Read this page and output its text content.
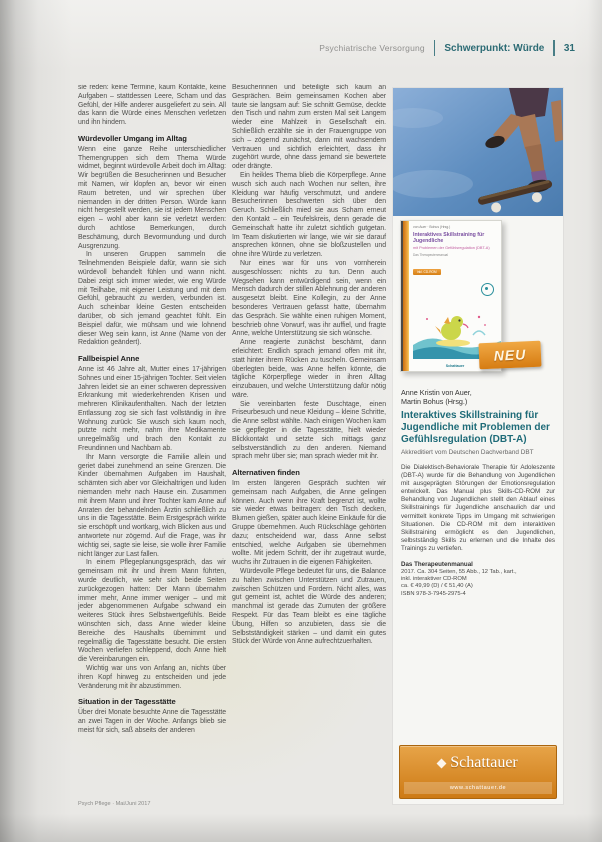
Psychiatrische Versorgung Schwerpunkt: Würde 31

sie reden: keine Termine, kaum Kontakte, keine Aufgaben – stattdessen Leere, Scham und das Gefühl, der Hilfe anderer ausgeliefert zu sein. All das kann die Würde eines Menschen verletzen und ihn hindern.

Würdevoller Umgang im Alltag

Wenn eine ganze Reihe unterschiedlicher Themengruppen sich dem Thema Würde widmet, beginnt würdevolle Arbeit doch im Alltag: Wir begrüßen die Besucherinnen und Besucher mit Namen, wir klopfen an, bevor wir einen Raum betreten, und wir sprechen über niemanden in der dritten Person. Würde kann nicht hergestellt werden, sie ist jedem Menschen eigen – wohl aber kann sie verletzt werden: durch achtlose Bemerkungen, durch Beschämung, durch Bevormundung und durch Ausgrenzung.

In unseren Gruppen sammeln die Teilnehmenden Beispiele dafür, wann sie sich würdevoll behandelt fühlen und wann nicht. Dabei zeigt sich immer wieder, wie eng Würde mit Teilhabe, mit eigener Leistung und mit dem Gefühl, gebraucht zu werden, verbunden ist. Auch scheinbar kleine Gesten entscheiden darüber, ob sich jemand geachtet fühlt. Ein Beispiel dafür, wie mühsam und wie lohnend dieser Weg sein kann, ist Anne (Name von der Redaktion geändert).

Fallbeispiel Anne

Anne ist 46 Jahre alt, Mutter eines 17-jährigen Sohnes und einer 15-jährigen Tochter. Seit vielen Jahren leidet sie an einer schweren depressiven Erkrankung mit wiederkehrenden Krisen und mehreren Klinikaufenthalten. Nach der letzten Entlassung zog sie sich fast vollständig in ihre Wohnung zurück: Sie wusch sich kaum noch, putzte nicht mehr, nahm ihre Medikamente unregelmäßig und brach den Kontakt zu Freundinnen und Nachbarn ab.

Ihr Mann versorgte die Familie allein und geriet dabei zunehmend an seine Grenzen. Die Kinder übernahmen Aufgaben im Haushalt, schämten sich aber vor Gleichaltrigen und luden niemanden mehr nach Hause ein. Zusammen mit ihrem Mann und ihrer Tochter kam Anne auf Anraten der behandelnden Ärztin schließlich zu uns in die Tagesstätte. Beim Erstgespräch wirkte sie erschöpft und wortkarg, wich Blicken aus und antwortete nur zögernd. Auf die Frage, was ihr wichtig sei, sagte sie leise, sie wolle ihrer Familie nicht länger zur Last fallen.

In einem Pflegeplanungsgespräch, das wir gemeinsam mit ihr und ihrem Mann führten, wurde deutlich, wie sehr sich beide Seiten zurückgezogen hatten: Der Mann übernahm immer mehr, Anne immer weniger – und mit jeder abgenommenen Aufgabe schwand ein weiteres Stück ihres Selbstwertgefühls. Beide wünschten sich, dass Anne wieder kleine Bereiche des Haushalts übernimmt und regelmäßig die Tagesstätte besucht. Die ersten Wochen verliefen schleppend, doch Anne hielt die Vereinbarungen ein.

Wichtig war uns von Anfang an, nichts über ihren Kopf hinweg zu entscheiden und jede Veränderung mit ihr abzustimmen.

Situation in der Tagesstätte

Über drei Monate besuchte Anne die Tagesstätte an zwei Tagen in der Woche. Anfangs blieb sie meist für sich, saß abseits der anderen

Besucherinnen und beteiligte sich kaum an Gesprächen. Beim gemeinsamen Kochen aber taute sie langsam auf: Sie schnitt Gemüse, deckte den Tisch und nahm zum ersten Mal seit Langem wieder eine Mahlzeit in Gesellschaft ein. Schließlich erzählte sie in der Frauengruppe von sich – zögernd zunächst, dann mit wachsendem Vertrauen und sichtlich erleichtert, dass ihr zugehört wurde, ohne dass jemand sie bewertete oder drängte.

Ein heikles Thema blieb die Körperpflege. Anne wusch sich auch nach Wochen nur selten, ihre Kleidung war häufig verschmutzt, und andere Besucherinnen beschwerten sich über den Geruch. Schließlich mied sie aus Scham erneut den Kontakt – ein Teufelskreis, denn gerade die Gemeinschaft hatte ihr zuletzt sichtlich gutgetan. Im Team diskutierten wir lange, wie wir sie darauf ansprechen können, ohne sie bloßzustellen und ohne ihre Würde zu verletzen.

Nur eines war für uns von vornherein ausgeschlossen: nichts zu tun. Denn auch Wegsehen kann entwürdigend sein, wenn ein Mensch dadurch der stillen Ablehnung der anderen ausgesetzt bleibt. Eine Kollegin, zu der Anne besonderes Vertrauen gefasst hatte, übernahm das Gespräch. Sie wählte einen ruhigen Moment, beschrieb ohne Vorwurf, was ihr auffiel, und fragte Anne, welche Unterstützung sie sich wünsche.

Anne reagierte zunächst beschämt, dann erleichtert: Endlich sprach jemand offen mit ihr, statt hinter ihrem Rücken zu tuscheln. Gemeinsam überlegten beide, was Anne helfen könnte, die tägliche Körperpflege wieder in ihren Alltag einzubauen, und welche Unterstützung dafür nötig wäre.

Sie vereinbarten feste Duschtage, einen Friseurbesuch und neue Kleidung – kleine Schritte, die Anne selbst wählte. Nach einigen Wochen kam sie gepflegter in die Tagesstätte, hielt wieder Blickkontakt und setzte sich mittags ganz selbstverständlich zu den anderen. Niemand sprach mehr über sie; man sprach wieder mit ihr.

Alternativen finden

Im ersten längeren Gespräch suchten wir gemeinsam nach Aufgaben, die Anne gelingen können. Auch wenn ihre Kraft begrenzt ist, wollte sie wieder etwas beitragen: den Tisch decken, Blumen gießen, später auch kleine Einkäufe für die Gruppe übernehmen. Auch Rückschläge gehörten dazu; entscheidend war, dass Anne selbst entschied, welche Aufgaben sie übernehmen wollte. Mit jedem Schritt, der ihr zugetraut wurde, wuchs ihr Zutrauen in die eigenen Fähigkeiten.

Würdevolle Pflege bedeutet für uns, die Balance zu halten zwischen Unterstützen und Zutrauen, zwischen Schützen und Fordern. Nicht alles, was gut gemeint ist, achtet die Würde des anderen; manchmal ist gerade das Zumuten der größere Respekt. Für das Team bleibt es eine tägliche Übung, Hilfen so anzubieten, dass sie die Selbstständigkeit stärken – und damit ein gutes Stück der Würde von Anne aufrechtzuerhalten.

Psych Pflege · Mai/Juni 2017
von Auer · Bohus (Hrsg.)
Interaktives Skillstraining für Jugendliche
mit Problemen der Gefühlsregulation (DBT-A)
Das Therapeutenmanual
inkl. CD-ROM
Schattauer
NEU
Anne Kristin von Auer,
Martin Bohus (Hrsg.)
Interaktives Skillstraining für Jugendliche mit Problemen der Gefühlsregulation (DBT-A)
Akkreditiert vom Deutschen Dachverband DBT
Die Dialektisch-Behaviorale Therapie für Adoleszente (DBT-A) wurde für die Behandlung von Jugendlichen mit ausgeprägten Störungen der Emotionsregulation entwickelt. Das Manual plus Skills-CD-ROM zur Behandlung von Jugendlichen stellt den Ablauf eines Skillstrainings für Jugendliche anschaulich dar und vermittelt konkrete Tipps im Umgang mit schwierigen Situationen. Die CD-ROM mit dem interaktiven Skillstraining ermöglicht es den Jugendlichen, selbstständig Skills zu erlernen und die Inhalte des Trainings zu vertiefen.
Das Therapeutenmanual
2017. Ca. 304 Seiten, 55 Abb., 12 Tab., kart.,
inkl. interaktiver CD-ROM
ca. € 49,99 (D) / € 51,40 (A)
ISBN 978-3-7945-2975-4
Schattauer
www.schattauer.de
